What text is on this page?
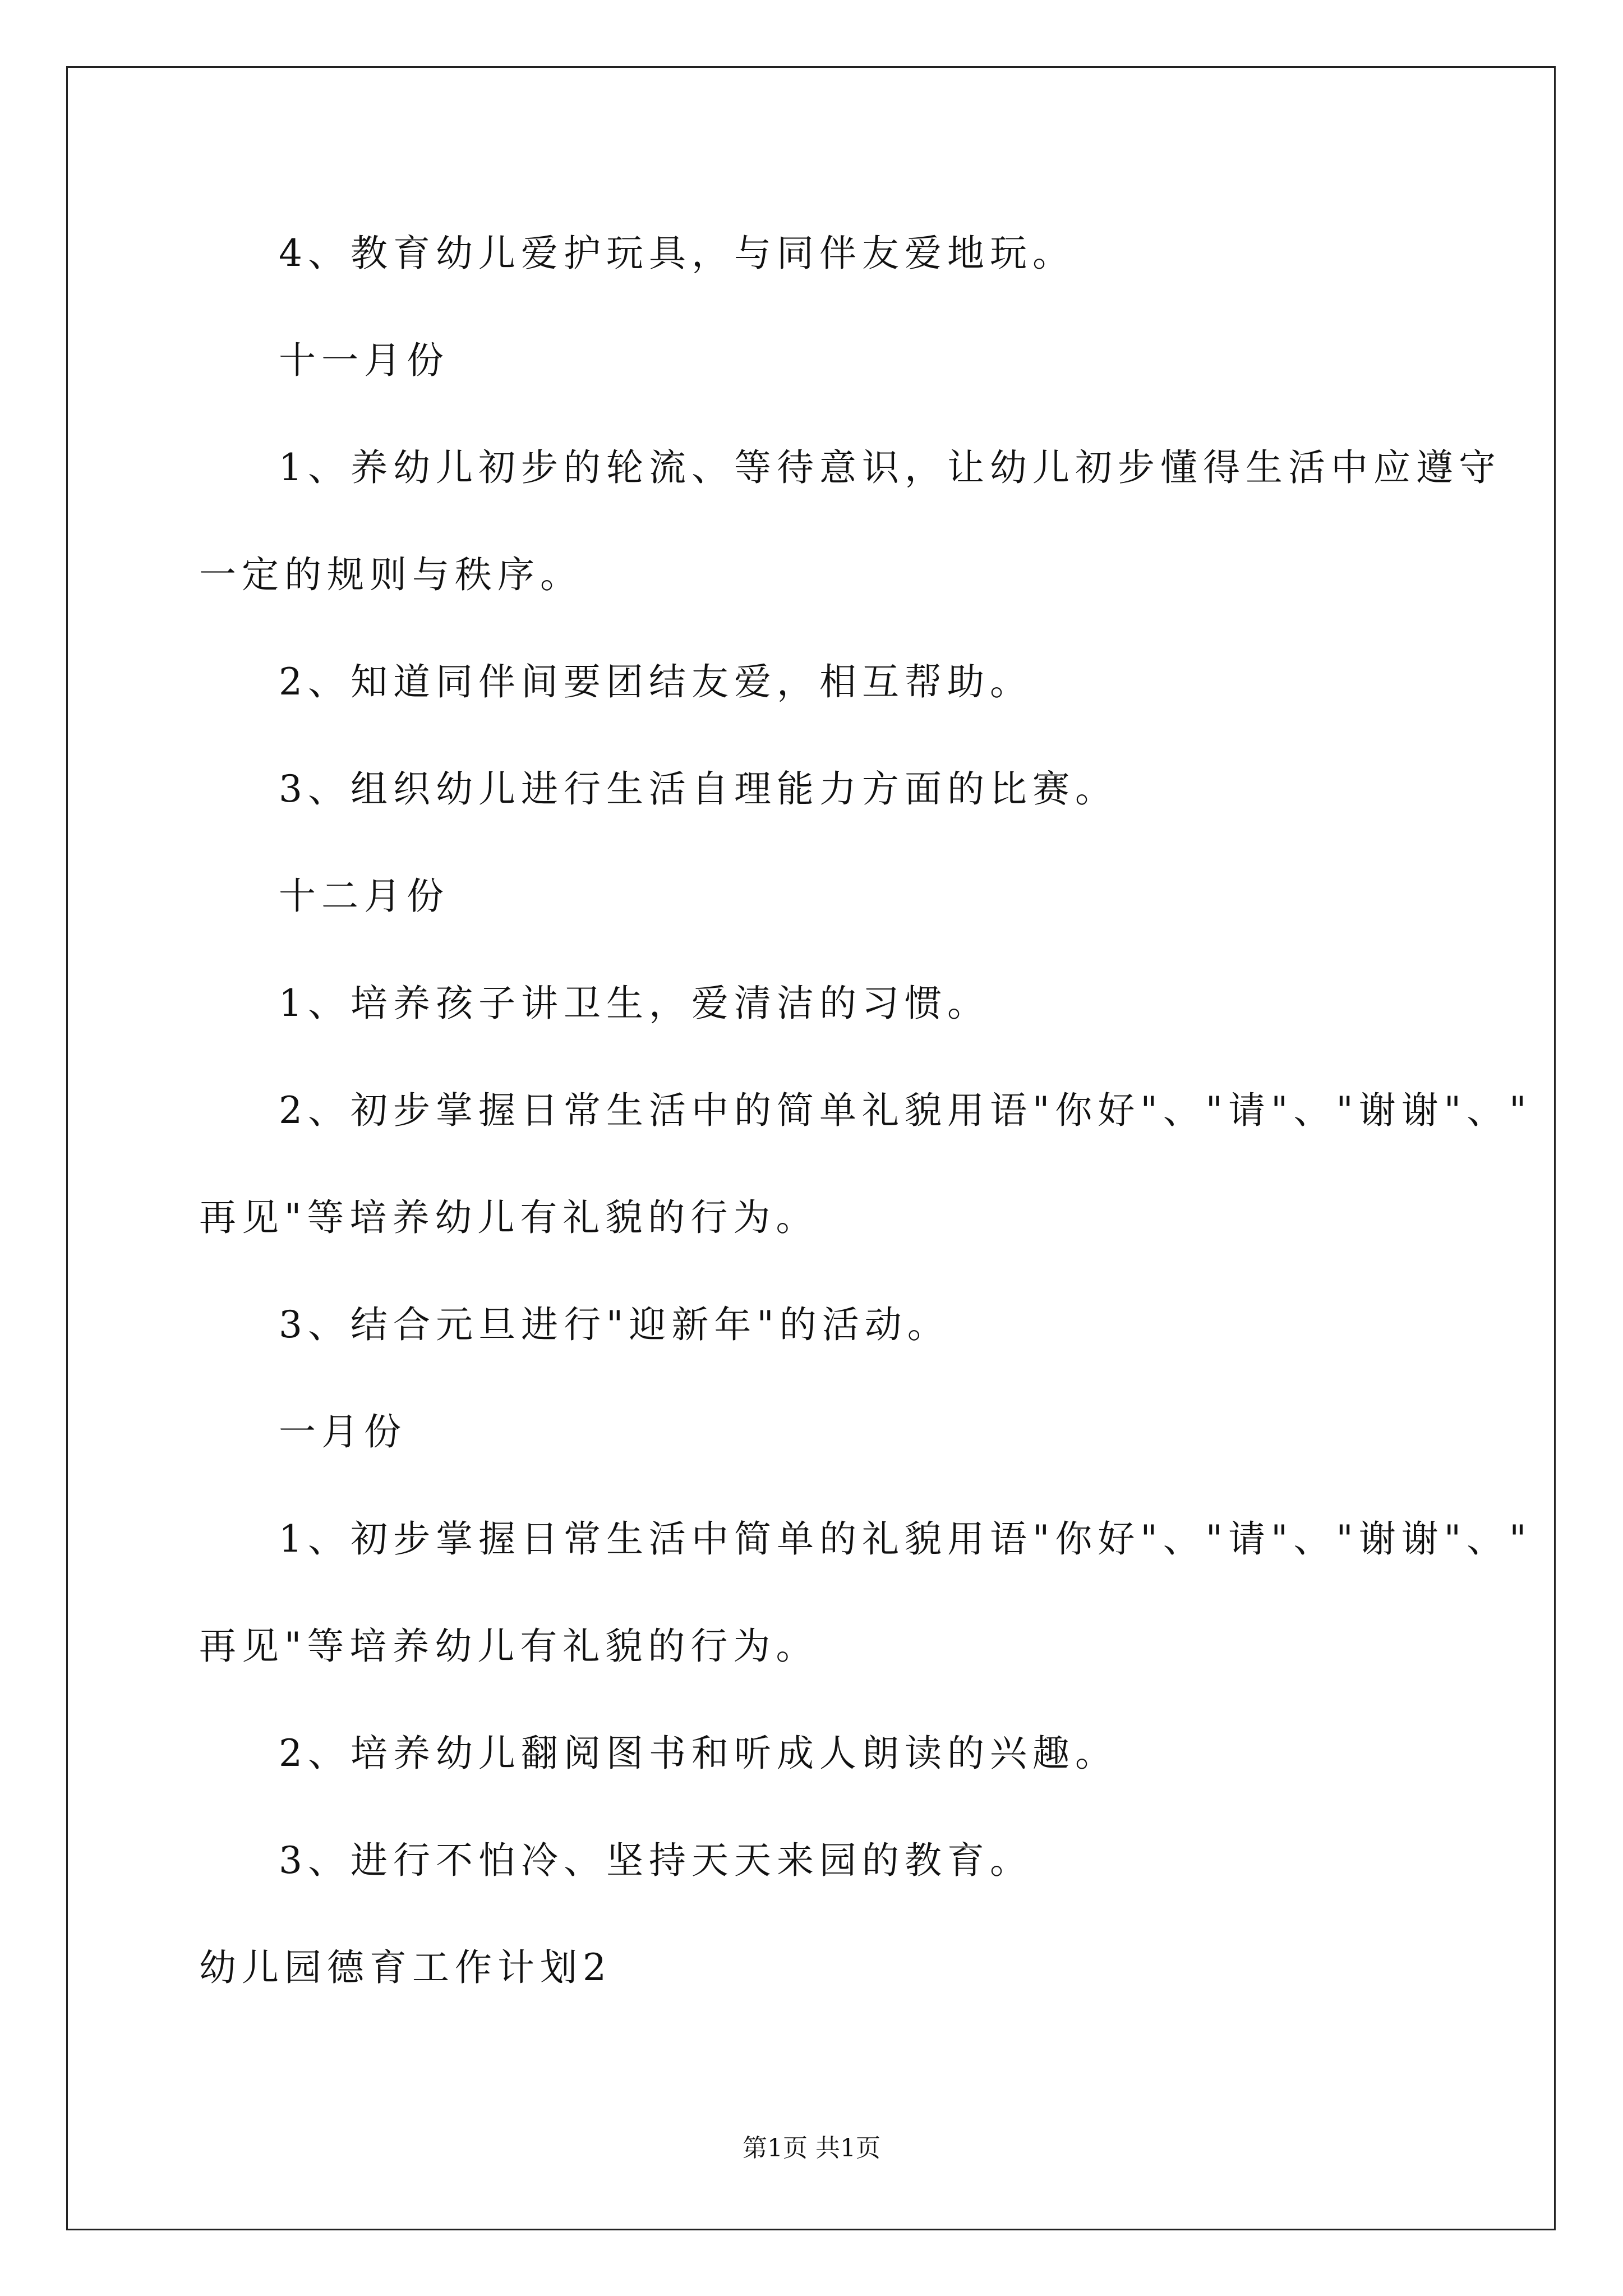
4、教育幼儿爱护玩具，与同伴友爱地玩。
十一月份
1、养幼儿初步的轮流、等待意识，让幼儿初步懂得生活中应遵守
一定的规则与秩序。
2、知道同伴间要团结友爱，相互帮助。
3、组织幼儿进行生活自理能力方面的比赛。
十二月份
1、培养孩子讲卫生，爱清洁的习惯。
2、初步掌握日常生活中的简单礼貌用语"你好"、"请"、"谢谢"、"
再见"等培养幼儿有礼貌的行为。
3、结合元旦进行"迎新年"的活动。
一月份
1、初步掌握日常生活中简单的礼貌用语"你好"、"请"、"谢谢"、"
再见"等培养幼儿有礼貌的行为。
2、培养幼儿翻阅图书和听成人朗读的兴趣。
3、进行不怕冷、坚持天天来园的教育。
幼儿园德育工作计划2
第1页 共1页
